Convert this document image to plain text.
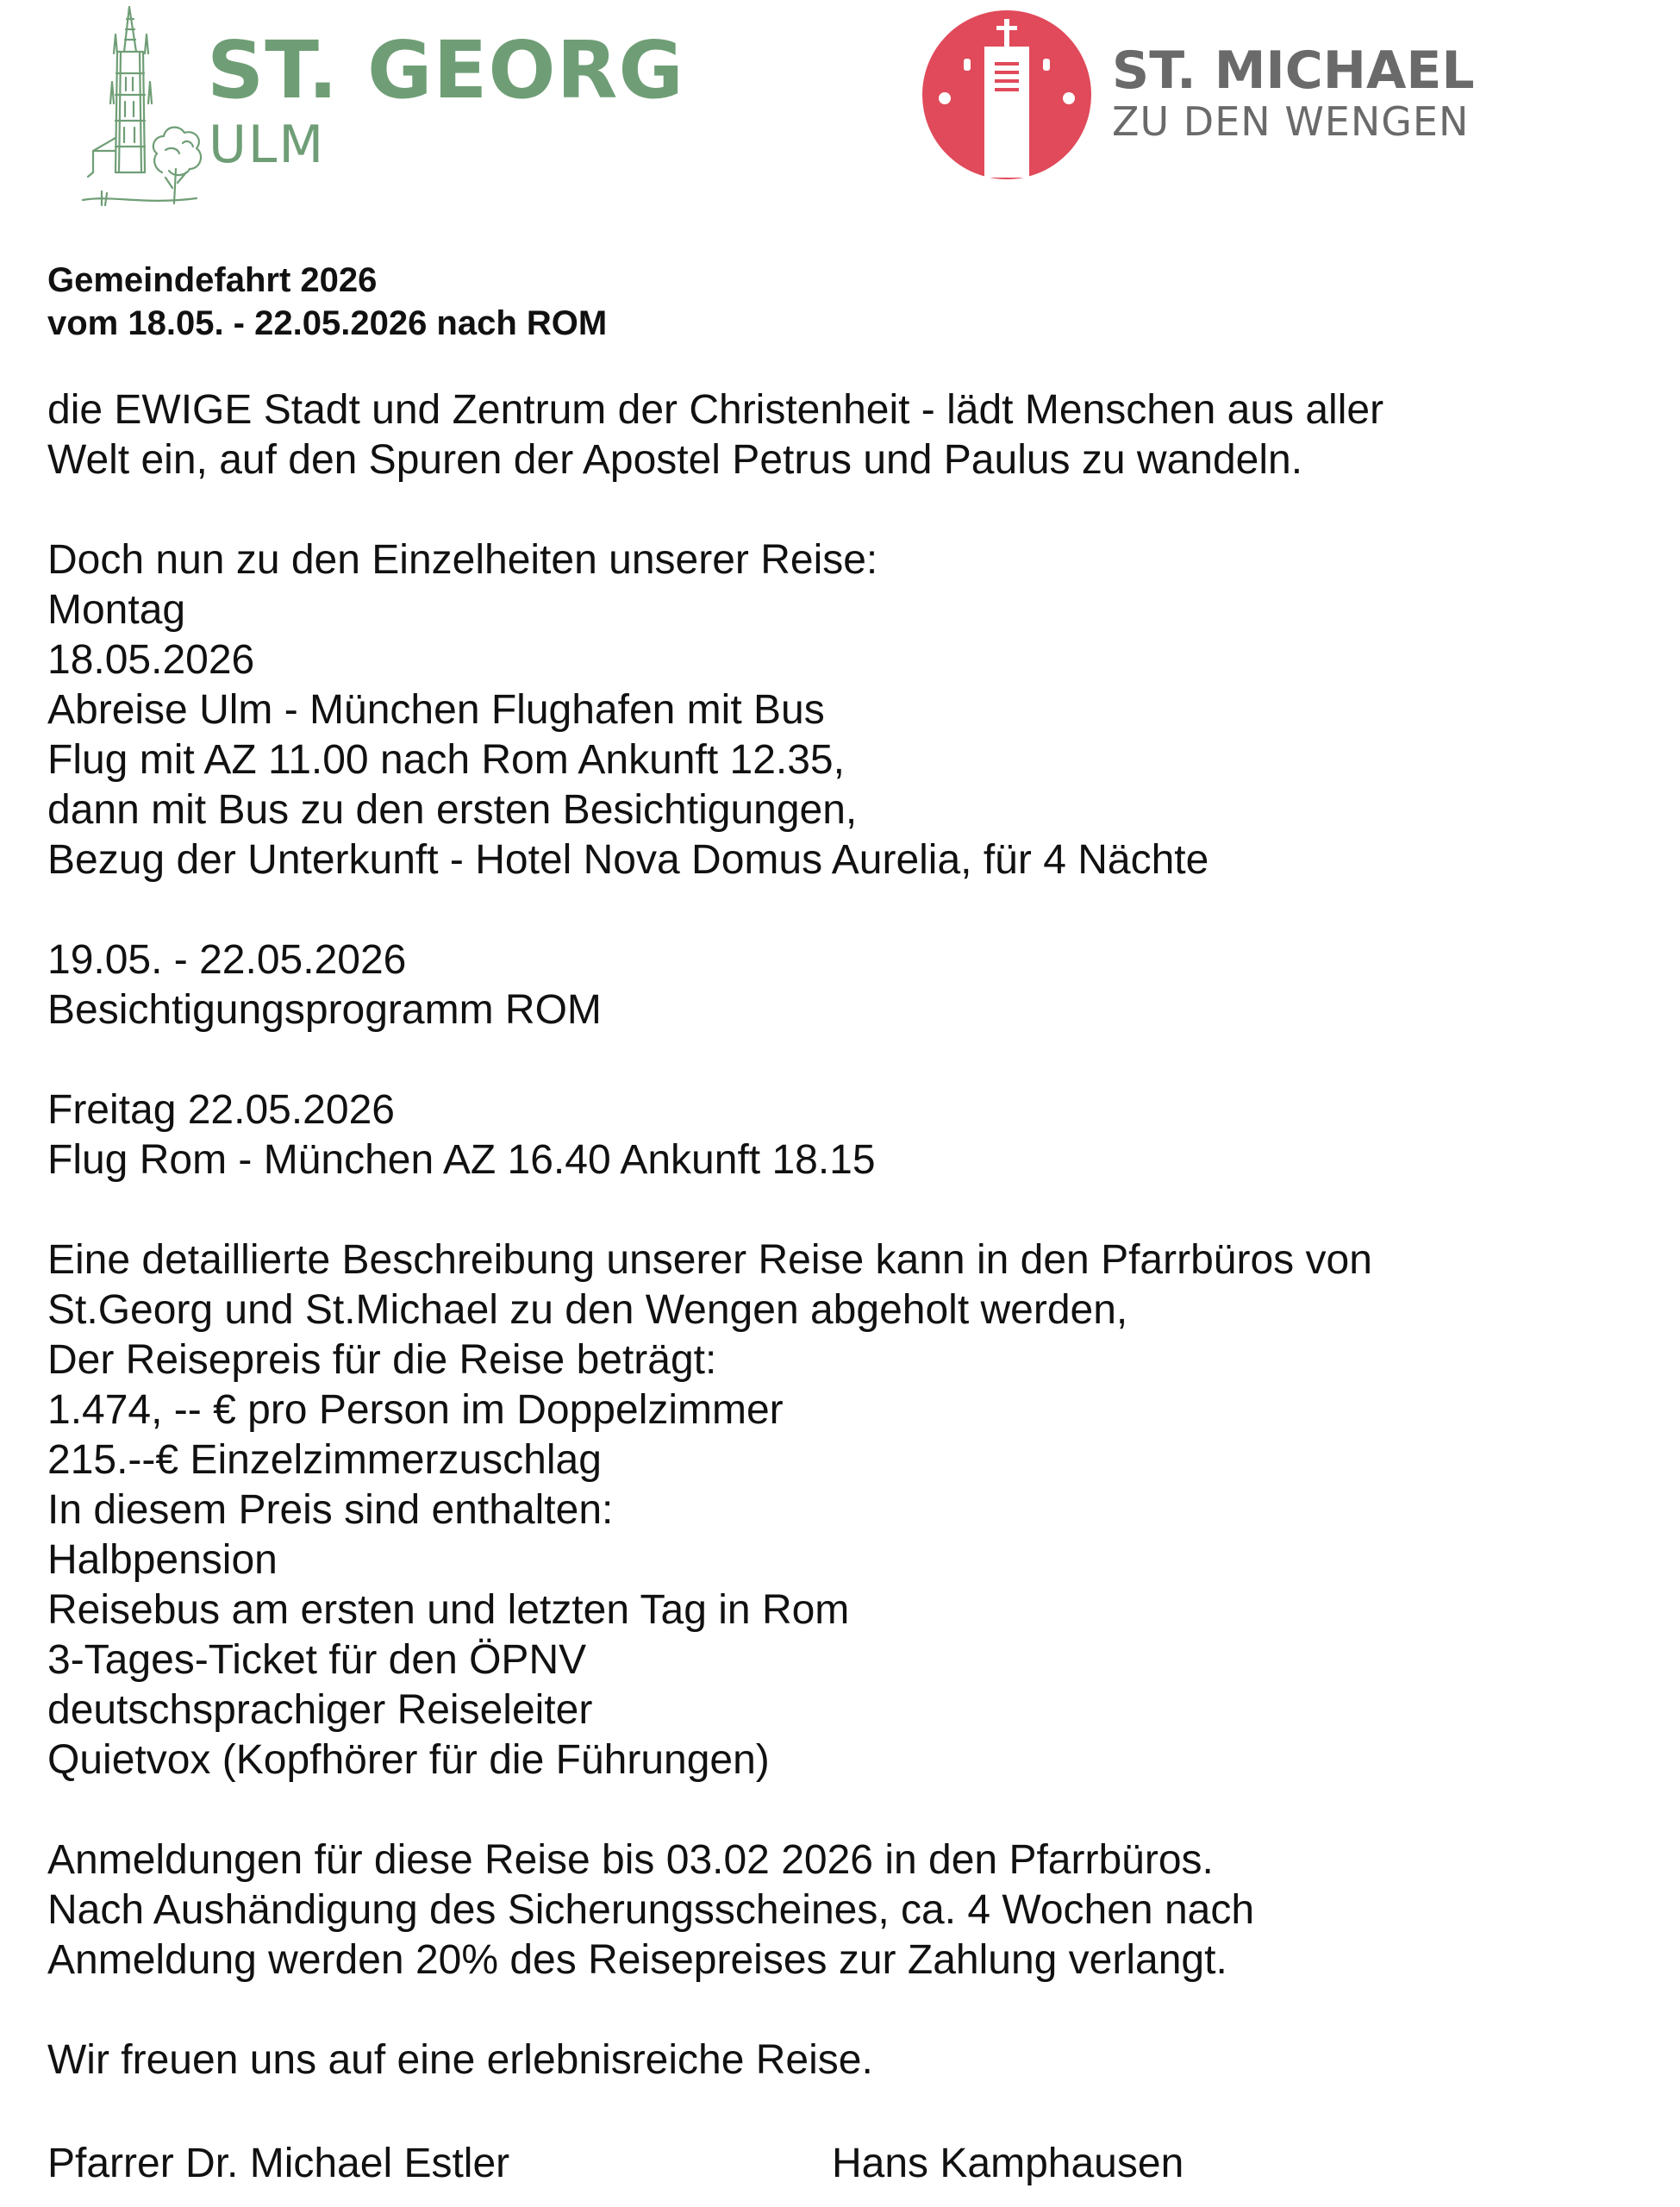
ST. GEORG
ULM
ST. MICHAEL
ZU DEN WENGEN
Gemeindefahrt 2026
vom 18.05. - 22.05.2026 nach ROM
die EWIGE Stadt und Zentrum der Christenheit - lädt Menschen aus aller
Welt ein, auf den Spuren der Apostel Petrus und Paulus zu wandeln.
Doch nun zu den Einzelheiten unserer Reise:
Montag
18.05.2026
Abreise Ulm - München Flughafen mit Bus
Flug mit AZ 11.00 nach Rom Ankunft 12.35,
dann mit Bus zu den ersten Besichtigungen,
Bezug der Unterkunft - Hotel Nova Domus Aurelia, für 4 Nächte
19.05. - 22.05.2026
Besichtigungsprogramm ROM
Freitag 22.05.2026
Flug Rom - München AZ 16.40 Ankunft 18.15
Eine detaillierte Beschreibung unserer Reise kann in den Pfarrbüros von
St.Georg und St.Michael zu den Wengen abgeholt werden,
Der Reisepreis für die Reise beträgt:
1.474, -- € pro Person im Doppelzimmer
215.--€ Einzelzimmerzuschlag
In diesem Preis sind enthalten:
Halbpension
Reisebus am ersten und letzten Tag in Rom
3-Tages-Ticket für den ÖPNV
deutschsprachiger Reiseleiter
Quietvox (Kopfhörer für die Führungen)
Anmeldungen für diese Reise bis 03.02 2026 in den Pfarrbüros.
Nach Aushändigung des Sicherungsscheines, ca. 4 Wochen nach
Anmeldung werden 20% des Reisepreises zur Zahlung verlangt.
Wir freuen uns auf eine erlebnisreiche Reise.
Pfarrer Dr. Michael Estler	Hans Kamphausen
